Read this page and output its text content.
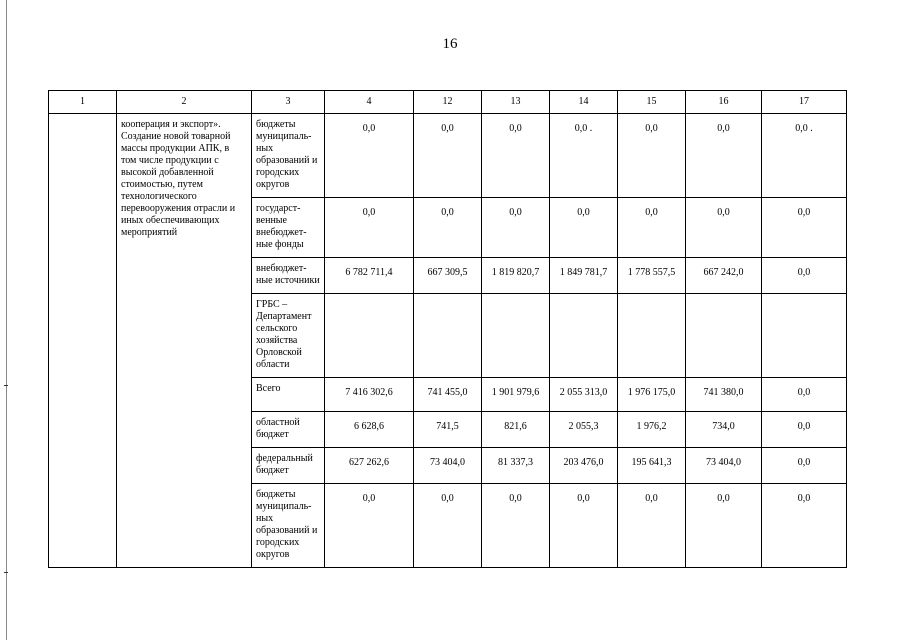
16
1	2	3	4	12	13	14	15	16	17
	кооперация и экспорт». Создание новой товарной массы продукции АПК, в том числе продукции с высокой добавленной стоимостью, путем технологического перевооружения отрасли и иных обеспечивающих мероприятий	бюджеты муниципаль-ных образований и городских округов	0,0	0,0	0,0	0,0 .	0,0	0,0	0,0 .
		государст-венные внебюджет-ные фонды	0,0	0,0	0,0	0,0	0,0	0,0	0,0
		внебюджет-ные источники	6 782 711,4	667 309,5	1 819 820,7	1 849 781,7	1 778 557,5	667 242,0	0,0
		ГРБС – Департамент сельского хозяйства Орловской области							
		Всего	7 416 302,6	741 455,0	1 901 979,6	2 055 313,0	1 976 175,0	741 380,0	0,0
		областной бюджет	6 628,6	741,5	821,6	2 055,3	1 976,2	734,0	0,0
		федеральный бюджет	627 262,6	73 404,0	81 337,3	203 476,0	195 641,3	73 404,0	0,0
		бюджеты муниципаль-ных образований и городских округов	0,0	0,0	0,0	0,0	0,0	0,0	0,0
